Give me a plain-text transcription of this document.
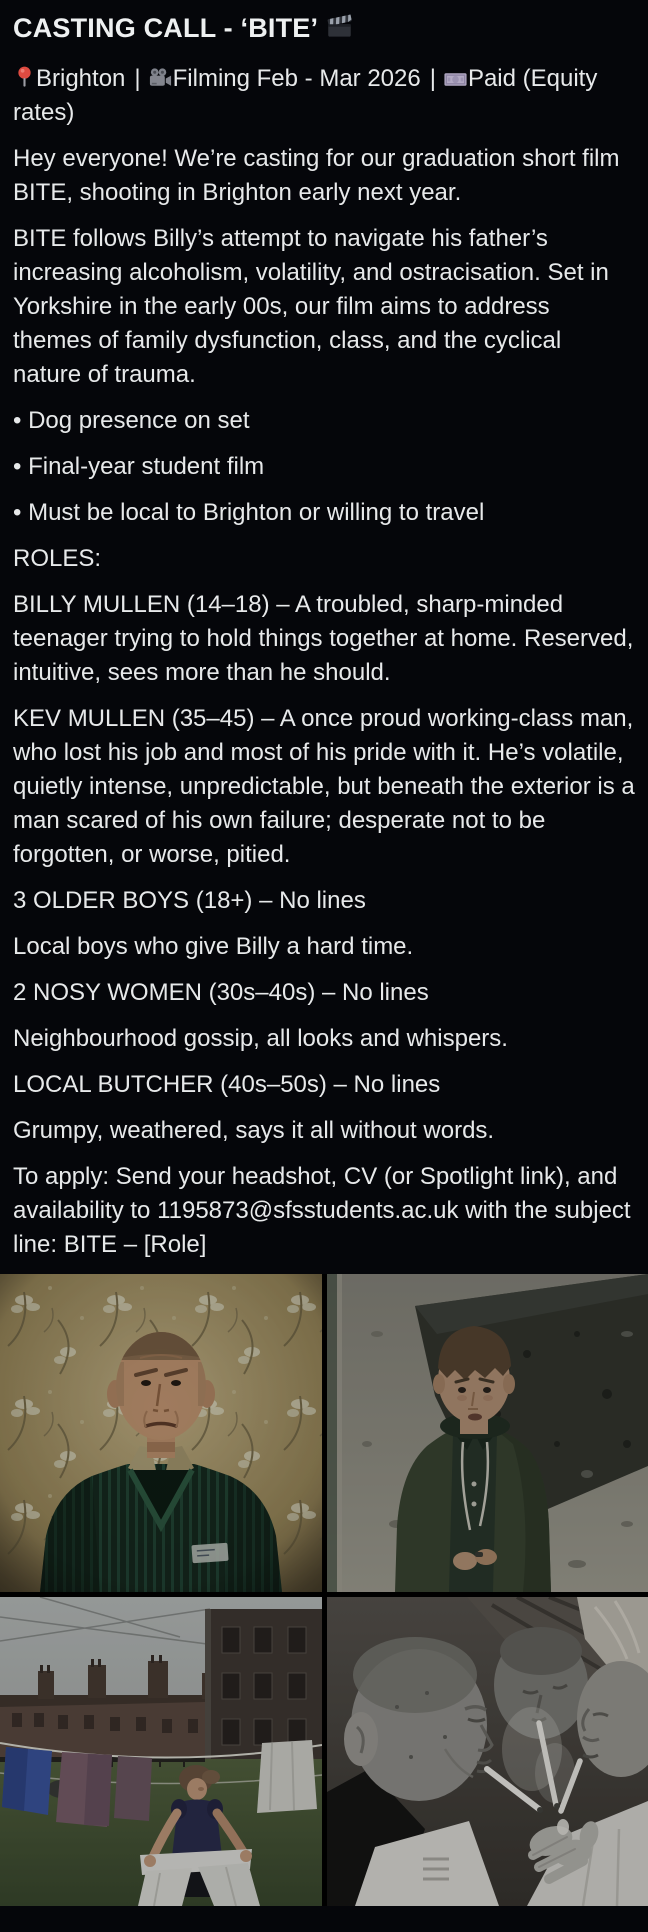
CASTING CALL - ‘BITE’

Brighton | Filming Feb - Mar 2026 | Paid (Equity rates)

Hey everyone! We’re casting for our graduation short film BITE, shooting in Brighton early next year.

BITE follows Billy’s attempt to navigate his father’s increasing alcoholism, volatility, and ostracisation. Set in Yorkshire in the early 00s, our film aims to address themes of family dysfunction, class, and the cyclical nature of trauma.

• Dog presence on set

• Final-year student film

• Must be local to Brighton or willing to travel

ROLES:

BILLY MULLEN (14–18) – A troubled, sharp-minded teenager trying to hold things together at home. Reserved, intuitive, sees more than he should.

KEV MULLEN (35–45) – A once proud working-class man, who lost his job and most of his pride with it. He’s volatile, quietly intense, unpredictable, but beneath the exterior is a man scared of his own failure; desperate not to be forgotten, or worse, pitied.

3 OLDER BOYS (18+) – No lines

Local boys who give Billy a hard time.

2 NOSY WOMEN (30s–40s) – No lines

Neighbourhood gossip, all looks and whispers.

LOCAL BUTCHER (40s–50s) – No lines

Grumpy, weathered, says it all without words.

To apply: Send your headshot, CV (or Spotlight link), and availability to 1195873@sfsstudents.ac.uk with the subject line: BITE – [Role]
